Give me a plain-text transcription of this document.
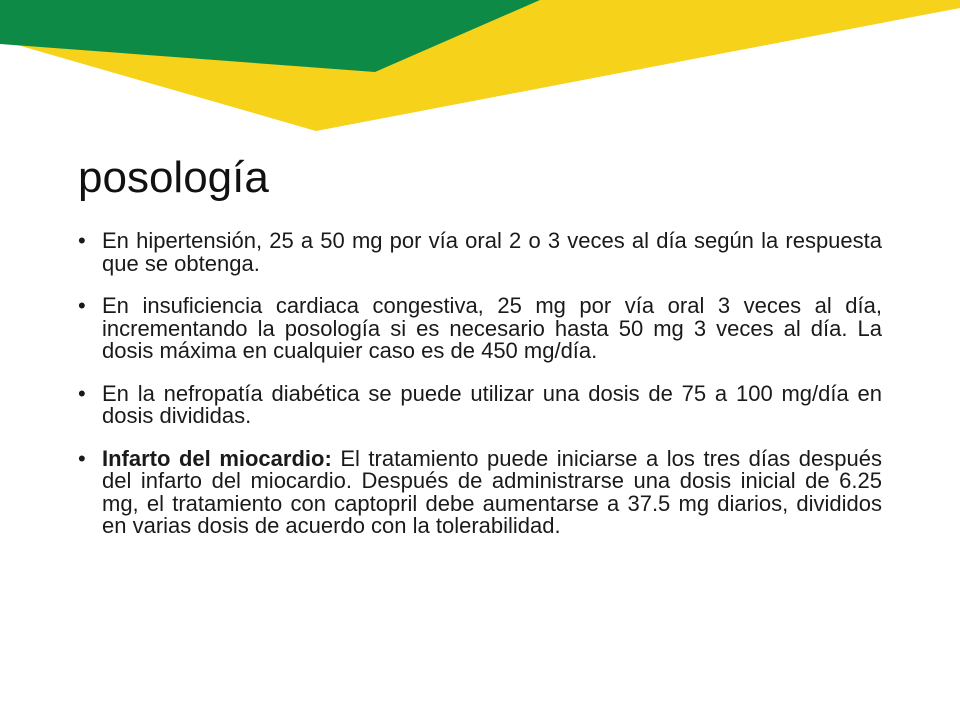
posología
• En hipertensión, 25 a 50 mg por vía oral 2 o 3 veces al día según la respuesta que se obtenga.
• En insuficiencia cardiaca congestiva, 25 mg por vía oral 3 veces al día, incrementando la posología si es necesario hasta 50 mg 3 veces al día. La dosis máxima en cualquier caso es de 450 mg/día.
• En la nefropatía diabética se puede utilizar una dosis de 75 a 100 mg/día en dosis divididas.
• Infarto del miocardio: El tratamiento puede iniciarse a los tres días después del infarto del miocardio. Después de administrarse una dosis inicial de 6.25 mg, el tratamiento con captopril debe aumentarse a 37.5 mg diarios, divididos en varias dosis de acuerdo con la tolerabilidad.
